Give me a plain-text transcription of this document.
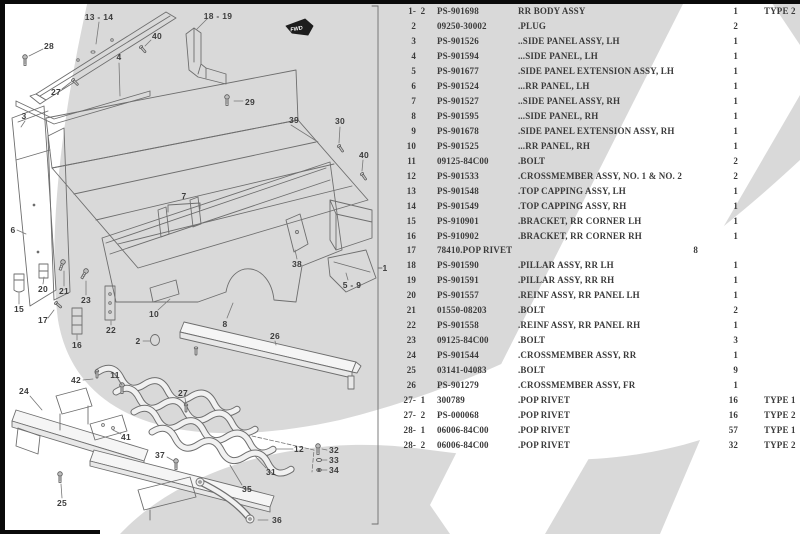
FWD
13 - 14	18 - 19
40
28
27
4
29
39	30
40
3
6
7
38
5 - 9
1
20 21
23
15
17
16
22
10
2
8
26
42	11
24	27
41
37
12	32
33
34
31
35
25
36
1- 2	PS-901698	RR BODY ASSY	1	TYPE 2
2	09250-30002	.PLUG	2
3	PS-901526	..SIDE PANEL ASSY, LH	1
4	PS-901594	...SIDE PANEL, LH	1
5	PS-901677	.SIDE PANEL EXTENSION ASSY, LH	1
6	PS-901524	...RR PANEL, LH	1
7	PS-901527	..SIDE PANEL ASSY, RH	1
8	PS-901595	...SIDE PANEL, RH	1
9	PS-901678	.SIDE PANEL EXTENSION ASSY, RH	1
10	PS-901525	...RR PANEL, RH	1
11	09125-84C00	.BOLT	2
12	PS-901533	.CROSSMEMBER ASSY, NO. 1 & NO. 2	2
13	PS-901548	.TOP CAPPING ASSY, LH	1
14	PS-901549	.TOP CAPPING ASSY, RH	1
15	PS-910901	.BRACKET, RR CORNER LH	1
16	PS-910902	.BRACKET, RR CORNER RH	1
17	78410.POP RIVET	8
18	PS-901590	.PILLAR ASSY, RR LH	1
19	PS-901591	.PILLAR ASSY, RR RH	1
20	PS-901557	.REINF ASSY, RR PANEL LH	1
21	01550-08203	.BOLT	2
22	PS-901558	.REINF ASSY, RR PANEL RH	1
23	09125-84C00	.BOLT	3
24	PS-901544	.CROSSMEMBER ASSY, RR	1
25	03141-04083	.BOLT	9
26	PS-901279	.CROSSMEMBER ASSY, FR	1
27- 1	300789	.POP RIVET	16	TYPE 1
27- 2	PS-000068	.POP RIVET	16	TYPE 2
28- 1	06006-84C00	.POP RIVET	57	TYPE 1
28- 2	06006-84C00	.POP RIVET	32	TYPE 2
